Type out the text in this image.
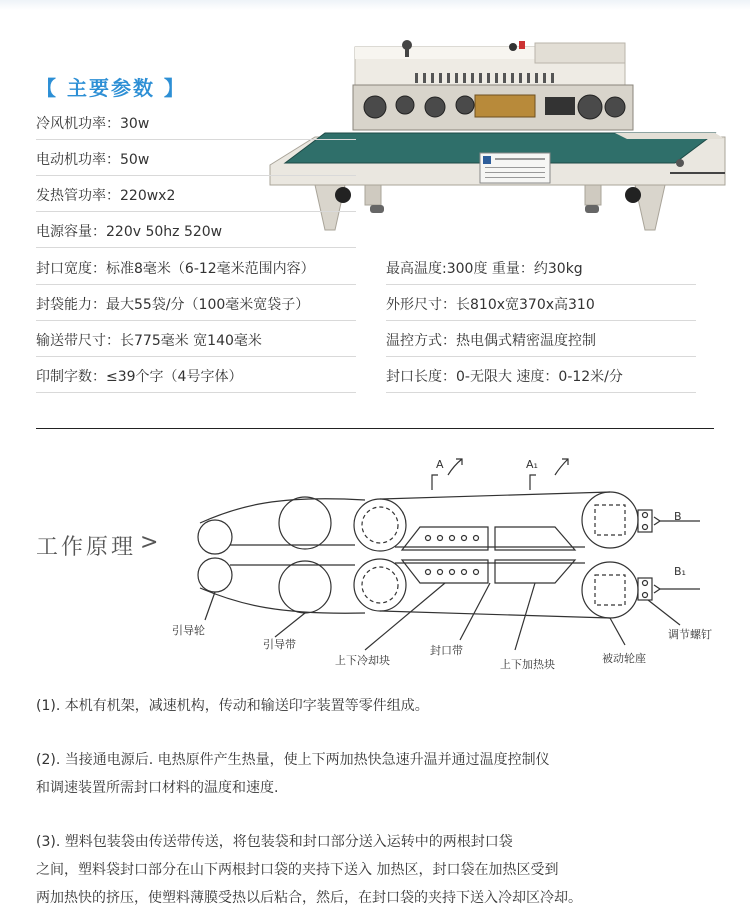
【 主要参数 】
冷风机功率：30w
电动机功率：50w
发热管功率：220wx2
电源容量：220v 50hz 520w
封口宽度：标准8毫米（6-12毫米范围内容）	最高温度:300度 重量：约30kg
封袋能力：最大55袋/分（100毫米宽袋子）	外形尺寸：长810x宽370x高310
输送带尺寸：长775毫米 宽140毫米	温控方式：热电偶式精密温度控制
印制字数：≤39个字（4号字体）	封口长度：0-无限大 速度：0-12米/分
工作原理 >
A	A₁
B
B₁
引导轮
引导带
上下冷却块
封口带
上下加热块	被动轮座
调节螺钉

(1). 本机有机架，减速机构，传动和输送印字装置等零件组成。

(2). 当接通电源后. 电热原件产生热量，使上下两加热快急速升温并通过温度控制仪

和调速装置所需封口材料的温度和速度.

(3). 塑料包装袋由传送带传送，将包装袋和封口部分送入运转中的两根封口袋

之间，塑料袋封口部分在山下两根封口袋的夹持下送入 加热区，封口袋在加热区受到

两加热快的挤压，使塑料薄膜受热以后粘合，然后，在封口袋的夹持下送入冷却区冷却。
